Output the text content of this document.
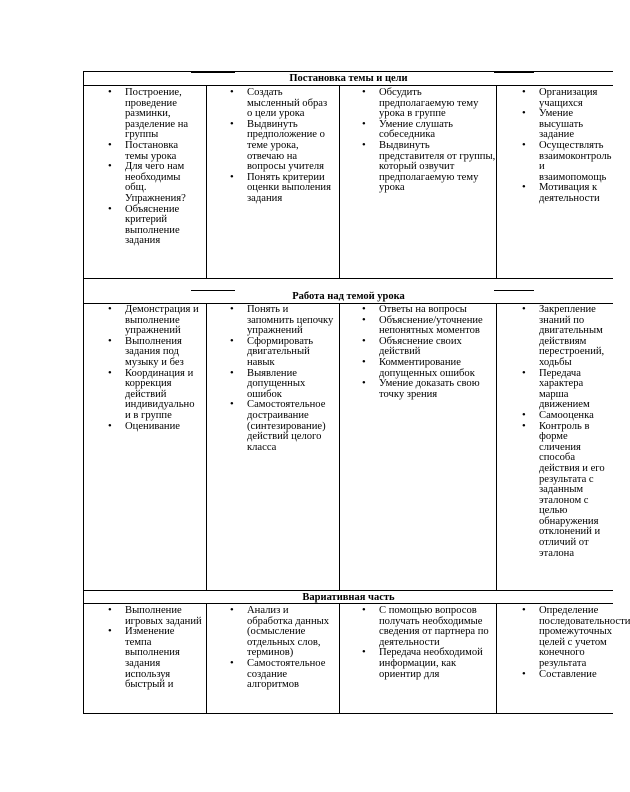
Постановка темы и цели
• Построение, проведение разминки, разделение на группы
• Постановка темы урока
• Для чего нам необходимы общ. Упражнения?
• Объяснение критерий выполнение задания
• Создать мысленный образ о цели урока
• Выдвинуть предположение о теме урока, отвечаю на вопросы учителя
• Понять критерии оценки выполения задания
• Обсудить предполагаемую тему урока в группе
• Умение слушать собеседника
• Выдвинуть представителя от группы, который озвучит предполагаемую тему урока
• Организация учащихся
• Умение высушать задание
• Осуществлять взаимоконтроль и взаимопомощь
• Мотивация к деятельности
Работа над темой урока
• Демонстрация и выполнение упражнений
• Выполнения задания под музыку и без
• Координация и коррекция действий индивидуально и в группе
• Оценивание
• Понять и запомнить цепочку упражнений
• Сформировать двигательный навык
• Выявление допущенных ошибок
• Самостоятельное достраивание (синтезирование) действий целого класса
• Ответы на вопросы
• Объяснение/уточнение непонятных моментов
• Объяснение своих действий
• Комментирование допущенных ошибок
• Умение доказать свою точку зрения
• Закрепление знаний по двигательным действиям перестроений, ходьбы
• Передача характера марша движением
• Самооценка
• Контроль в форме сличения способа действия и его результата с заданным эталоном с целью обнаружения отклонений и отличий от эталона
Вариативная часть
• Выполнение игровых заданий
• Изменение темпа выполнения задания используя быстрый и
• Анализ и обработка данных (осмысление отдельных слов, терминов)
• Самостоятельное создание алгоритмов
• С помощью вопросов получать необходимые сведения от партнера по деятельности
• Передача необходимой информации, как ориентир для
• Определение последовательности промежуточных целей с учетом конечного результата
• Составление
